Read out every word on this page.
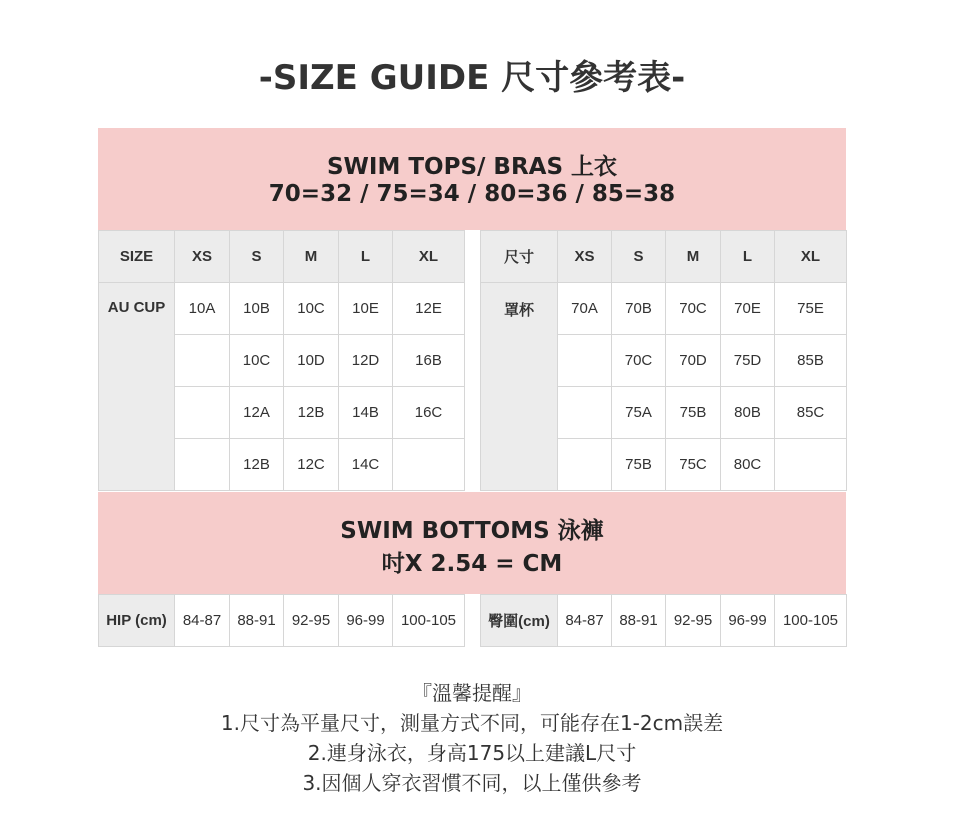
-SIZE GUIDE 尺寸參考表-
SWIM TOPS/ BRAS 上衣
70=32 / 75=34 / 80=36 / 85=38
SIZE	XS	S	M	L	XL
AU CUP	10A	10B	10C	10E	12E
		10C	10D	12D	16B
		12A	12B	14B	16C
		12B	12C	14C	
尺寸	XS	S	M	L	XL
罩杯	70A	70B	70C	70E	75E
		70C	70D	75D	85B
		75A	75B	80B	85C
		75B	75C	80C	
SWIM BOTTOMS 泳褲
吋X 2.54 = CM
HIP (cm)	84-87	88-91	92-95	96-99	100-105 臀圍(cm)	84-87	88-91	92-95	96-99	100-105
『溫馨提醒』
1.尺寸為平量尺寸，測量方式不同，可能存在1-2cm誤差
2.連身泳衣，身高175以上建議L尺寸
3.因個人穿衣習慣不同，以上僅供參考
